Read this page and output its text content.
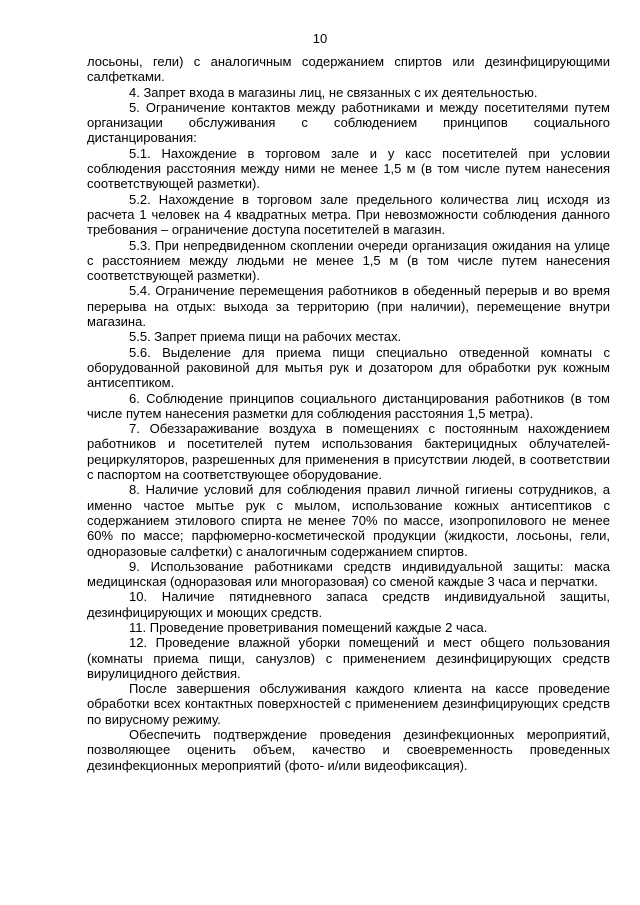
10

лосьоны, гели) с аналогичным содержанием спиртов или дезинфицирующими салфетками.

4. Запрет входа в магазины лиц, не связанных с их деятельностью.

5. Ограничение контактов между работниками и между посетителями путем организации обслуживания с соблюдением принципов социального дистанцирования:

5.1. Нахождение в торговом зале и у касс посетителей при условии соблюдения расстояния между ними не менее 1,5 м (в том числе путем нанесения соответствующей разметки).

5.2. Нахождение в торговом зале предельного количества лиц исходя из расчета 1 человек на 4 квадратных метра. При невозможности соблюдения данного требования – ограничение доступа посетителей в магазин.

5.3. При непредвиденном скоплении очереди организация ожидания на улице с расстоянием между людьми не менее 1,5 м (в том числе путем нанесения соответствующей разметки).

5.4. Ограничение перемещения работников в обеденный перерыв и во время перерыва на отдых: выхода за территорию (при наличии), перемещение внутри магазина.

5.5. Запрет приема пищи на рабочих местах.

5.6. Выделение для приема пищи специально отведенной комнаты с оборудованной раковиной для мытья рук и дозатором для обработки рук кожным антисептиком.

6. Соблюдение принципов социального дистанцирования работников (в том числе путем нанесения разметки для соблюдения расстояния 1,5 метра).

7. Обеззараживание воздуха в помещениях с постоянным нахождением работников и посетителей путем использования бактерицидных облучателей-рециркуляторов, разрешенных для применения в присутствии людей, в соответствии с паспортом на соответствующее оборудование.

8. Наличие условий для соблюдения правил личной гигиены сотрудников, а именно частое мытье рук с мылом, использование кожных антисептиков с содержанием этилового спирта не менее 70% по массе, изопропилового не менее 60% по массе; парфюмерно-косметической продукции (жидкости, лосьоны, гели, одноразовые салфетки) с аналогичным содержанием спиртов.

9. Использование работниками средств индивидуальной защиты: маска медицинская (одноразовая или многоразовая) со сменой каждые 3 часа и перчатки.

10. Наличие пятидневного запаса средств индивидуальной защиты, дезинфицирующих и моющих средств.

11. Проведение проветривания помещений каждые 2 часа.

12. Проведение влажной уборки помещений и мест общего пользования (комнаты приема пищи, санузлов) с применением дезинфицирующих средств вирулицидного действия.

После завершения обслуживания каждого клиента на кассе проведение обработки всех контактных поверхностей с применением дезинфицирующих средств по вирусному режиму.

Обеспечить подтверждение проведения дезинфекционных мероприятий, позволяющее оценить объем, качество и своевременность проведенных дезинфекционных мероприятий (фото- и/или видеофиксация).
